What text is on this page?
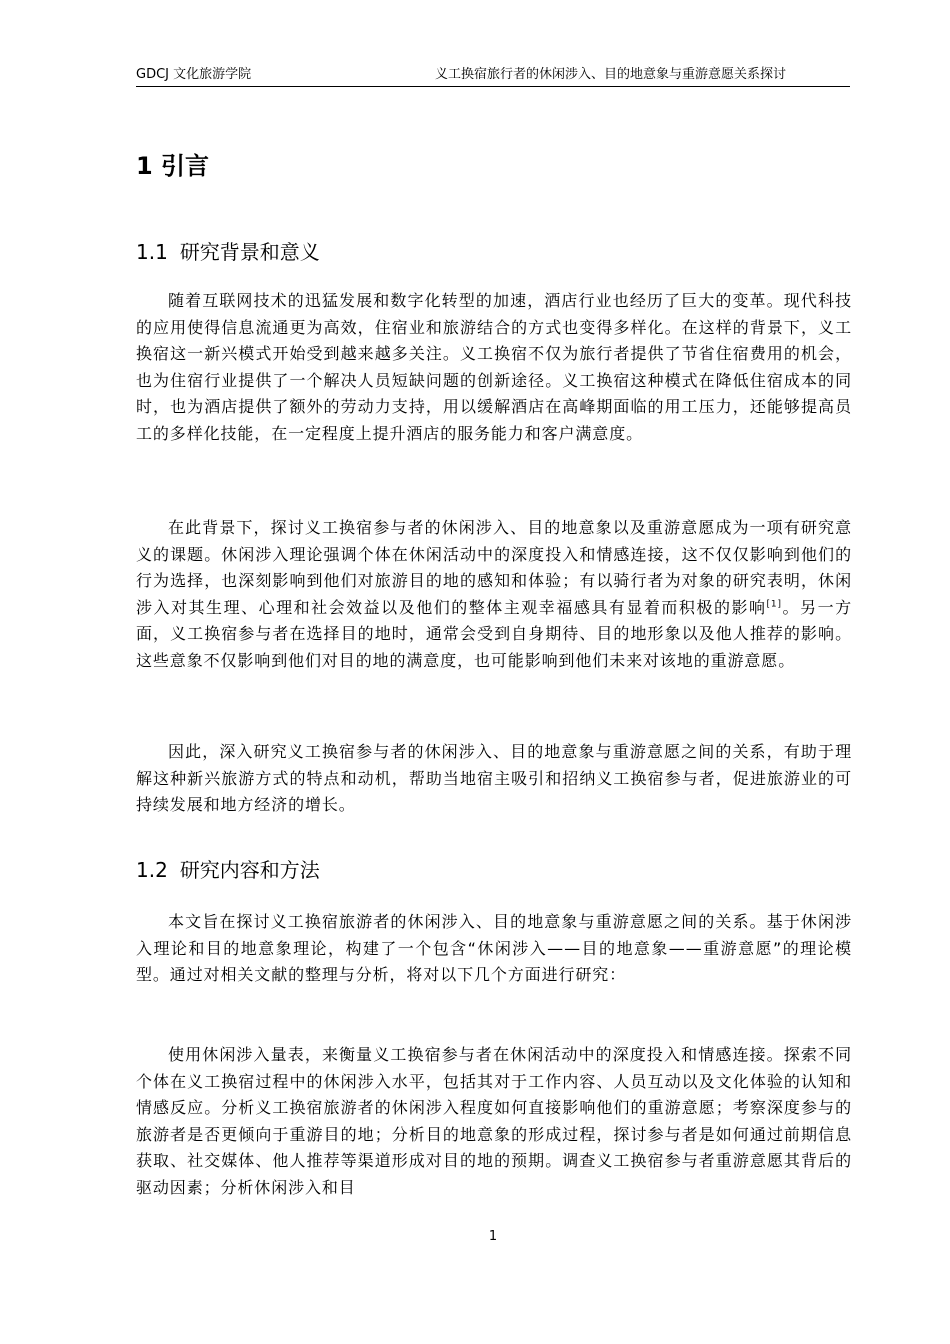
GDCJ 文化旅游学院	义工换宿旅行者的休闲涉入、目的地意象与重游意愿关系探讨
1 引言
1.1 研究背景和意义

随着互联网技术的迅猛发展和数字化转型的加速，酒店行业也经历了巨大的变革。现代科技的应用使得信息流通更为高效，住宿业和旅游结合的方式也变得多样化。在这样的背景下，义工换宿这一新兴模式开始受到越来越多关注。义工换宿不仅为旅行者提供了节省住宿费用的机会，也为住宿行业提供了一个解决人员短缺问题的创新途径。义工换宿这种模式在降低住宿成本的同时，也为酒店提供了额外的劳动力支持，用以缓解酒店在高峰期面临的用工压力，还能够提高员工的多样化技能，在一定程度上提升酒店的服务能力和客户满意度。

在此背景下，探讨义工换宿参与者的休闲涉入、目的地意象以及重游意愿成为一项有研究意义的课题。休闲涉入理论强调个体在休闲活动中的深度投入和情感连接，这不仅仅影响到他们的行为选择，也深刻影响到他们对旅游目的地的感知和体验；有以骑行者为对象的研究表明，休闲涉入对其生理、心理和社会效益以及他们的整体主观幸福感具有显着而积极的影响[1]。另一方面，义工换宿参与者在选择目的地时，通常会受到自身期待、目的地形象以及他人推荐的影响。这些意象不仅影响到他们对目的地的满意度，也可能影响到他们未来对该地的重游意愿。

因此，深入研究义工换宿参与者的休闲涉入、目的地意象与重游意愿之间的关系，有助于理解这种新兴旅游方式的特点和动机，帮助当地宿主吸引和招纳义工换宿参与者，促进旅游业的可持续发展和地方经济的增长。

1.2 研究内容和方法

本文旨在探讨义工换宿旅游者的休闲涉入、目的地意象与重游意愿之间的关系。基于休闲涉入理论和目的地意象理论，构建了一个包含“休闲涉入——目的地意象——重游意愿”的理论模型。通过对相关文献的整理与分析，将对以下几个方面进行研究：

使用休闲涉入量表，来衡量义工换宿参与者在休闲活动中的深度投入和情感连接。探索不同个体在义工换宿过程中的休闲涉入水平，包括其对于工作内容、人员互动以及文化体验的认知和情感反应。分析义工换宿旅游者的休闲涉入程度如何直接影响他们的重游意愿；考察深度参与的旅游者是否更倾向于重游目的地；分析目的地意象的形成过程，探讨参与者是如何通过前期信息获取、社交媒体、他人推荐等渠道形成对目的地的预期。调查义工换宿参与者重游意愿其背后的驱动因素；分析休闲涉入和目

1
